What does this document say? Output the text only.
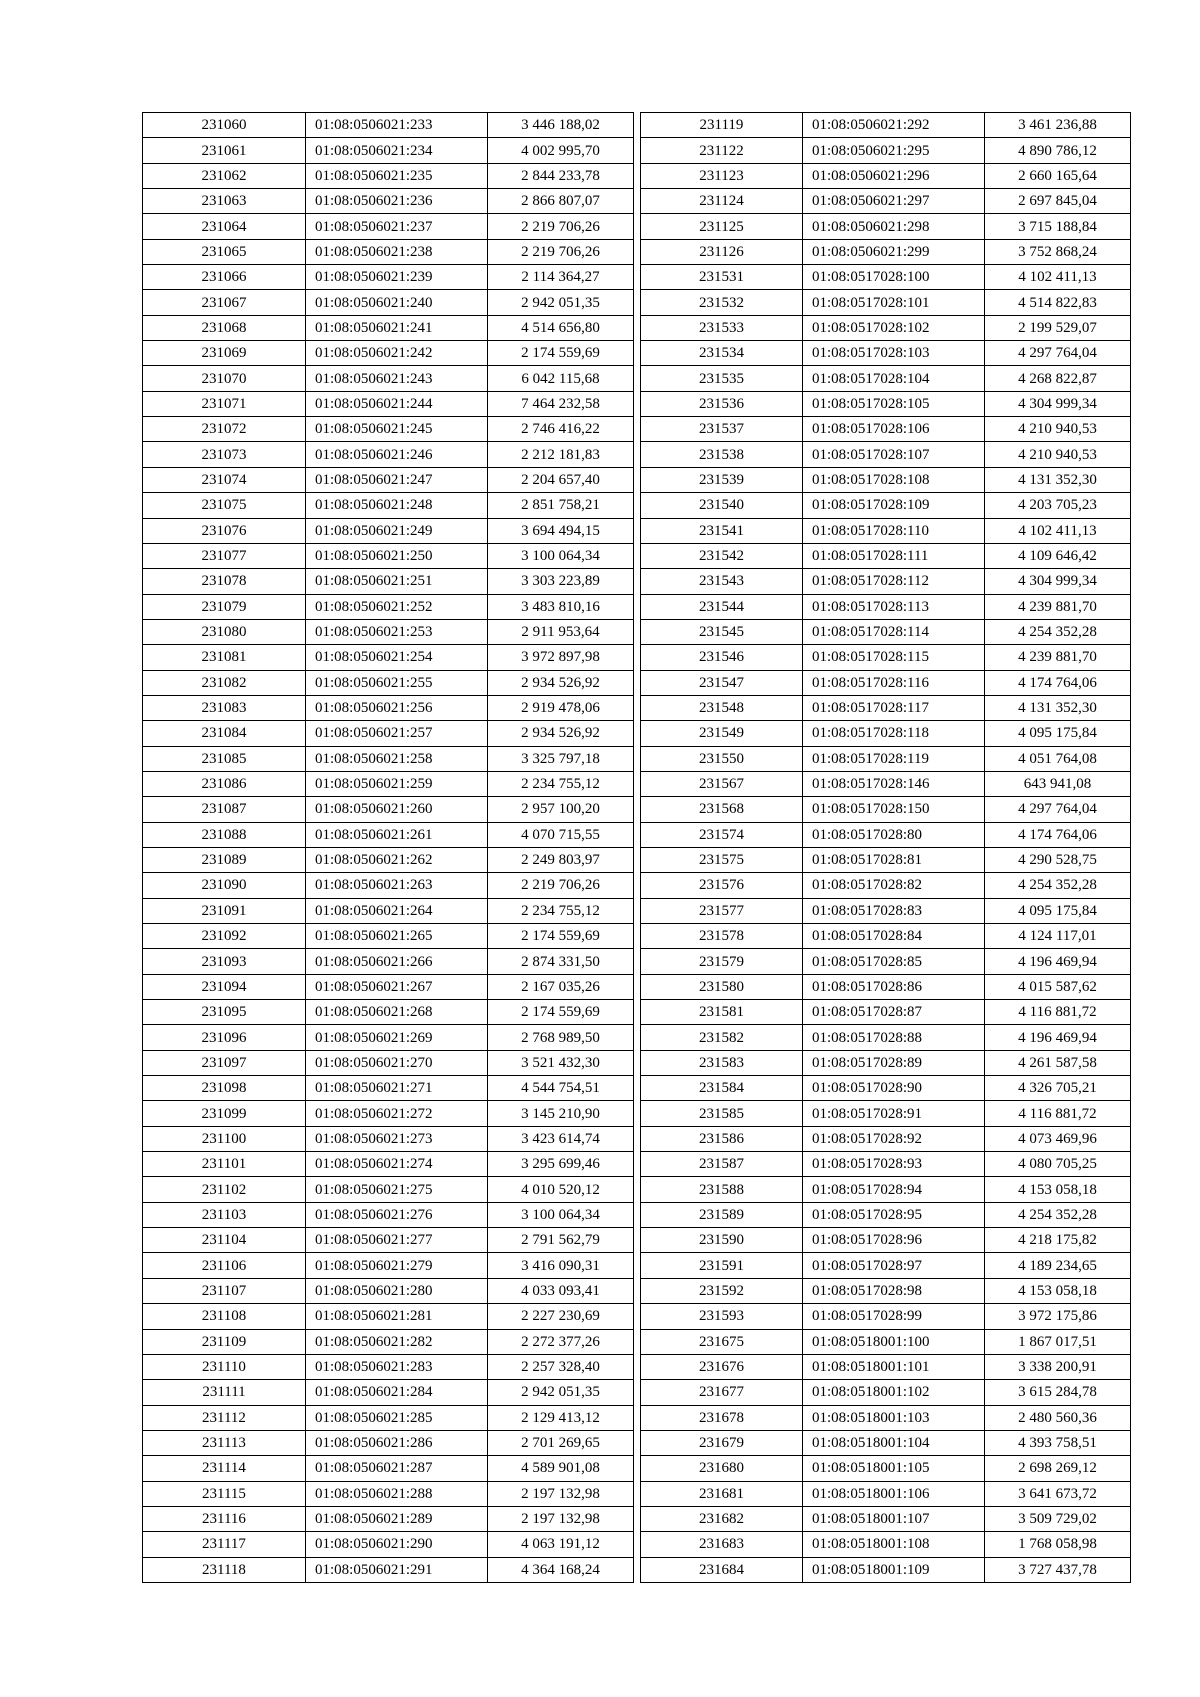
231060	01:08:0506021:233	3 446 188,02
231061	01:08:0506021:234	4 002 995,70
231062	01:08:0506021:235	2 844 233,78
231063	01:08:0506021:236	2 866 807,07
231064	01:08:0506021:237	2 219 706,26
231065	01:08:0506021:238	2 219 706,26
231066	01:08:0506021:239	2 114 364,27
231067	01:08:0506021:240	2 942 051,35
231068	01:08:0506021:241	4 514 656,80
231069	01:08:0506021:242	2 174 559,69
231070	01:08:0506021:243	6 042 115,68
231071	01:08:0506021:244	7 464 232,58
231072	01:08:0506021:245	2 746 416,22
231073	01:08:0506021:246	2 212 181,83
231074	01:08:0506021:247	2 204 657,40
231075	01:08:0506021:248	2 851 758,21
231076	01:08:0506021:249	3 694 494,15
231077	01:08:0506021:250	3 100 064,34
231078	01:08:0506021:251	3 303 223,89
231079	01:08:0506021:252	3 483 810,16
231080	01:08:0506021:253	2 911 953,64
231081	01:08:0506021:254	3 972 897,98
231082	01:08:0506021:255	2 934 526,92
231083	01:08:0506021:256	2 919 478,06
231084	01:08:0506021:257	2 934 526,92
231085	01:08:0506021:258	3 325 797,18
231086	01:08:0506021:259	2 234 755,12
231087	01:08:0506021:260	2 957 100,20
231088	01:08:0506021:261	4 070 715,55
231089	01:08:0506021:262	2 249 803,97
231090	01:08:0506021:263	2 219 706,26
231091	01:08:0506021:264	2 234 755,12
231092	01:08:0506021:265	2 174 559,69
231093	01:08:0506021:266	2 874 331,50
231094	01:08:0506021:267	2 167 035,26
231095	01:08:0506021:268	2 174 559,69
231096	01:08:0506021:269	2 768 989,50
231097	01:08:0506021:270	3 521 432,30
231098	01:08:0506021:271	4 544 754,51
231099	01:08:0506021:272	3 145 210,90
231100	01:08:0506021:273	3 423 614,74
231101	01:08:0506021:274	3 295 699,46
231102	01:08:0506021:275	4 010 520,12
231103	01:08:0506021:276	3 100 064,34
231104	01:08:0506021:277	2 791 562,79
231106	01:08:0506021:279	3 416 090,31
231107	01:08:0506021:280	4 033 093,41
231108	01:08:0506021:281	2 227 230,69
231109	01:08:0506021:282	2 272 377,26
231110	01:08:0506021:283	2 257 328,40
231111	01:08:0506021:284	2 942 051,35
231112	01:08:0506021:285	2 129 413,12
231113	01:08:0506021:286	2 701 269,65
231114	01:08:0506021:287	4 589 901,08
231115	01:08:0506021:288	2 197 132,98
231116	01:08:0506021:289	2 197 132,98
231117	01:08:0506021:290	4 063 191,12
231118	01:08:0506021:291	4 364 168,24
231119	01:08:0506021:292	3 461 236,88
231122	01:08:0506021:295	4 890 786,12
231123	01:08:0506021:296	2 660 165,64
231124	01:08:0506021:297	2 697 845,04
231125	01:08:0506021:298	3 715 188,84
231126	01:08:0506021:299	3 752 868,24
231531	01:08:0517028:100	4 102 411,13
231532	01:08:0517028:101	4 514 822,83
231533	01:08:0517028:102	2 199 529,07
231534	01:08:0517028:103	4 297 764,04
231535	01:08:0517028:104	4 268 822,87
231536	01:08:0517028:105	4 304 999,34
231537	01:08:0517028:106	4 210 940,53
231538	01:08:0517028:107	4 210 940,53
231539	01:08:0517028:108	4 131 352,30
231540	01:08:0517028:109	4 203 705,23
231541	01:08:0517028:110	4 102 411,13
231542	01:08:0517028:111	4 109 646,42
231543	01:08:0517028:112	4 304 999,34
231544	01:08:0517028:113	4 239 881,70
231545	01:08:0517028:114	4 254 352,28
231546	01:08:0517028:115	4 239 881,70
231547	01:08:0517028:116	4 174 764,06
231548	01:08:0517028:117	4 131 352,30
231549	01:08:0517028:118	4 095 175,84
231550	01:08:0517028:119	4 051 764,08
231567	01:08:0517028:146	643 941,08
231568	01:08:0517028:150	4 297 764,04
231574	01:08:0517028:80	4 174 764,06
231575	01:08:0517028:81	4 290 528,75
231576	01:08:0517028:82	4 254 352,28
231577	01:08:0517028:83	4 095 175,84
231578	01:08:0517028:84	4 124 117,01
231579	01:08:0517028:85	4 196 469,94
231580	01:08:0517028:86	4 015 587,62
231581	01:08:0517028:87	4 116 881,72
231582	01:08:0517028:88	4 196 469,94
231583	01:08:0517028:89	4 261 587,58
231584	01:08:0517028:90	4 326 705,21
231585	01:08:0517028:91	4 116 881,72
231586	01:08:0517028:92	4 073 469,96
231587	01:08:0517028:93	4 080 705,25
231588	01:08:0517028:94	4 153 058,18
231589	01:08:0517028:95	4 254 352,28
231590	01:08:0517028:96	4 218 175,82
231591	01:08:0517028:97	4 189 234,65
231592	01:08:0517028:98	4 153 058,18
231593	01:08:0517028:99	3 972 175,86
231675	01:08:0518001:100	1 867 017,51
231676	01:08:0518001:101	3 338 200,91
231677	01:08:0518001:102	3 615 284,78
231678	01:08:0518001:103	2 480 560,36
231679	01:08:0518001:104	4 393 758,51
231680	01:08:0518001:105	2 698 269,12
231681	01:08:0518001:106	3 641 673,72
231682	01:08:0518001:107	3 509 729,02
231683	01:08:0518001:108	1 768 058,98
231684	01:08:0518001:109	3 727 437,78
